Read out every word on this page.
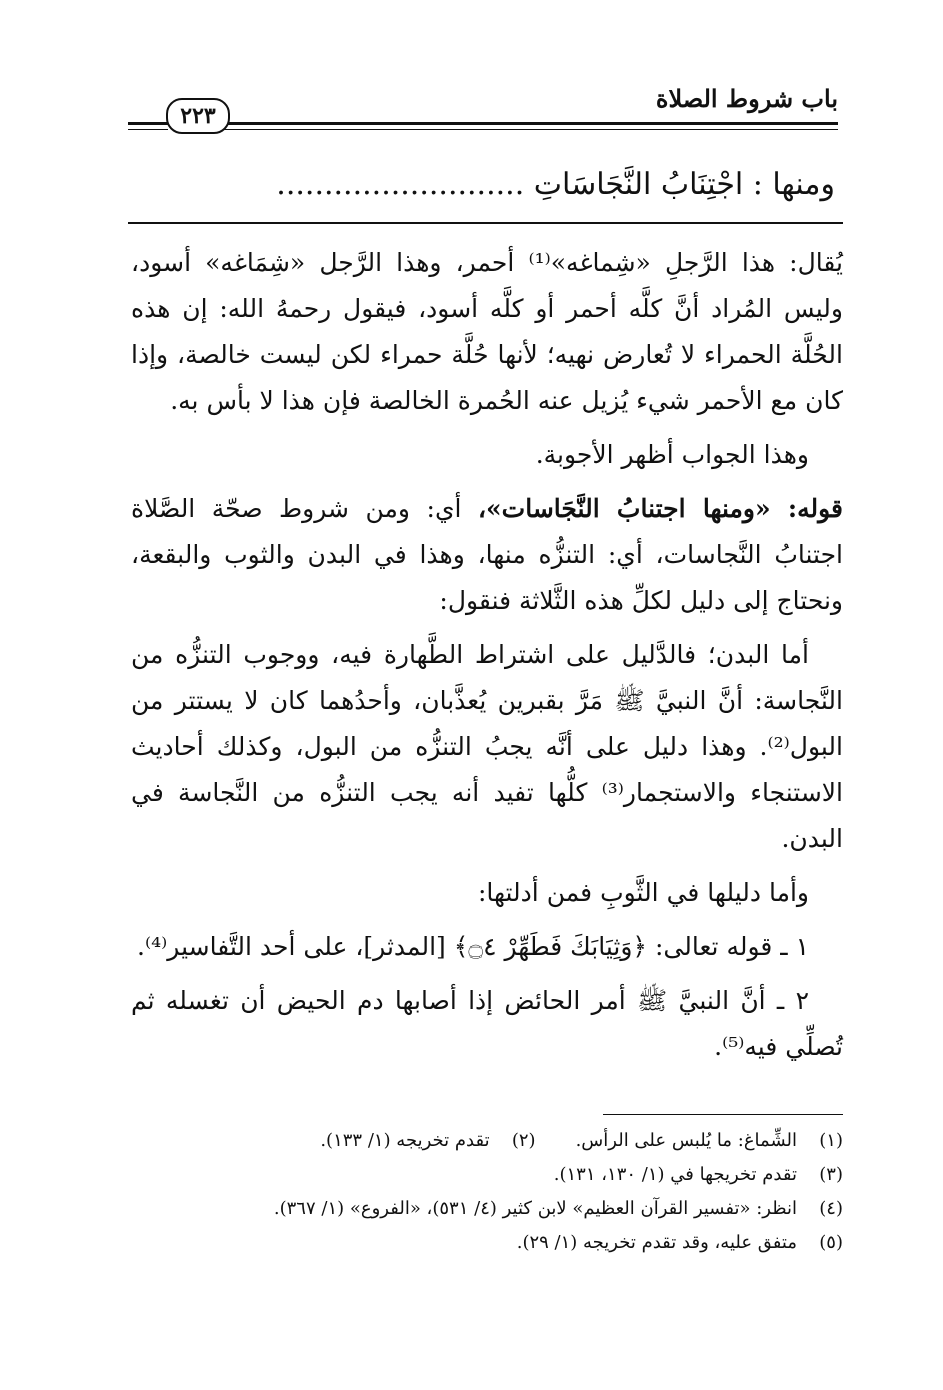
باب شروط الصلاة
٢٢٣
ومنها : اجْتِنَابُ النَّجَاسَاتِ ..........................

يُقال: هذا الرَّجلِ «شِماغه»⁽¹⁾ أحمر، وهذا الرَّجل «شِمَاغه» أسود، وليس المُراد أنَّ كلَّه أحمر أو كلَّه أسود، فيقول رحمهُ الله: إن هذه الحُلَّة الحمراء لا تُعارض نهيه؛ لأنها حُلَّة حمراء لكن ليست خالصة، وإذا كان مع الأحمر شيء يُزيل عنه الحُمرة الخالصة فإن هذا لا بأس به.

وهذا الجواب أظهر الأجوبة.

قوله: «ومنها اجتنابُ النَّجَاسات»، أي: ومن شروط صحّة الصَّلاة اجتنابُ النَّجاسات، أي: التنزُّه منها، وهذا في البدن والثوب والبقعة، ونحتاج إلى دليل لكلِّ هذه الثَّلاثة فنقول:

أما البدن؛ فالدَّليل على اشتراط الطَّهارة فيه، ووجوب التنزُّه من النَّجاسة: أنَّ النبيَّ ﷺ مَرَّ بقبرين يُعذَّبان، وأحدُهما كان لا يستتر من البول⁽²⁾. وهذا دليل على أنَّه يجبُ التنزُّه من البول، وكذلك أحاديث الاستنجاء والاستجمار⁽³⁾ كلُّها تفيد أنه يجب التنزُّه من النَّجاسة في البدن.

وأما دليلها في الثَّوبِ فمن أدلتها:

١ ـ قوله تعالى: ﴿وَثِيَابَكَ فَطَهِّرْ ۝٤﴾ [المدثر]، على أحد التَّفاسير⁽⁴⁾.

٢ ـ أنَّ النبيَّ ﷺ أمر الحائض إذا أصابها دم الحيض أن تغسله ثم تُصلِّي فيه⁽⁵⁾.

(١)الشِّماغ: ما يُلبس على الرأس.(٢)تقدم تخريجه (١/ ١٣٣).
(٣)تقدم تخريجها في (١/ ١٣٠، ١٣١).
(٤)انظر: «تفسير القرآن العظيم» لابن كثير (٤/ ٥٣١)، «الفروع» (١/ ٣٦٧).
(٥)متفق عليه، وقد تقدم تخريجه (١/ ٢٩).
